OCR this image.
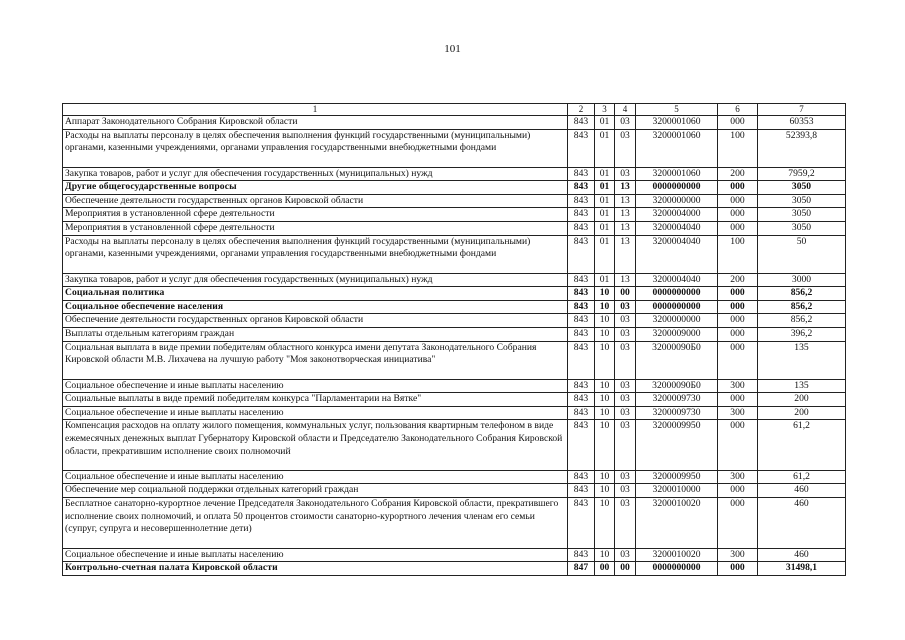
101
1	2	3	4	5	6	7
Аппарат Законодательного Собрания Кировской области	843	01	03	3200001060	000	60353
Расходы на выплаты персоналу в целях обеспечения выполнения функций государственными (муниципальными) органами, казенными учреждениями, органами управления государственными внебюджетными фондами	843	01	03	3200001060	100	52393,8
Закупка товаров, работ и услуг для обеспечения государственных (муниципальных) нужд	843	01	03	3200001060	200	7959,2
Другие общегосударственные вопросы	843	01	13	0000000000	000	3050
Обеспечение деятельности государственных органов Кировской области	843	01	13	3200000000	000	3050
Мероприятия в установленной сфере деятельности	843	01	13	3200004000	000	3050
Мероприятия в установленной сфере деятельности	843	01	13	3200004040	000	3050
Расходы на выплаты персоналу в целях обеспечения выполнения функций государственными (муниципальными) органами, казенными учреждениями, органами управления государственными внебюджетными фондами	843	01	13	3200004040	100	50
Закупка товаров, работ и услуг для обеспечения государственных (муниципальных) нужд	843	01	13	3200004040	200	3000
Социальная политика	843	10	00	0000000000	000	856,2
Социальное обеспечение населения	843	10	03	0000000000	000	856,2
Обеспечение деятельности государственных органов Кировской области	843	10	03	3200000000	000	856,2
Выплаты отдельным категориям граждан	843	10	03	3200009000	000	396,2
Социальная выплата в виде премии победителям областного конкурса имени депутата Законодательного Собрания Кировской области М.В. Лихачева на лучшую работу "Моя законотворческая инициатива"	843	10	03	32000090Б0	000	135
Социальное обеспечение и иные выплаты населению	843	10	03	32000090Б0	300	135
Социальные выплаты в виде премий победителям конкурса "Парламентарии на Вятке"	843	10	03	3200009730	000	200
Социальное обеспечение и иные выплаты населению	843	10	03	3200009730	300	200
Компенсация расходов на оплату жилого помещения, коммунальных услуг, пользования квартирным телефоном в виде ежемесячных денежных выплат Губернатору Кировской области и Председателю Законодательного Собрания Кировской области, прекратившим исполнение своих полномочий	843	10	03	3200009950	000	61,2
Социальное обеспечение и иные выплаты населению	843	10	03	3200009950	300	61,2
Обеспечение мер социальной поддержки отдельных категорий граждан	843	10	03	3200010000	000	460
Бесплатное санаторно-курортное лечение Председателя Законодательного Собрания Кировской области, прекратившего исполнение своих полномочий, и оплата 50 процентов стоимости санаторно-курортного лечения членам его семьи (супруг, супруга и несовершеннолетние дети)	843	10	03	3200010020	000	460
Социальное обеспечение и иные выплаты населению	843	10	03	3200010020	300	460
Контрольно-счетная палата Кировской области	847	00	00	0000000000	000	31498,1
